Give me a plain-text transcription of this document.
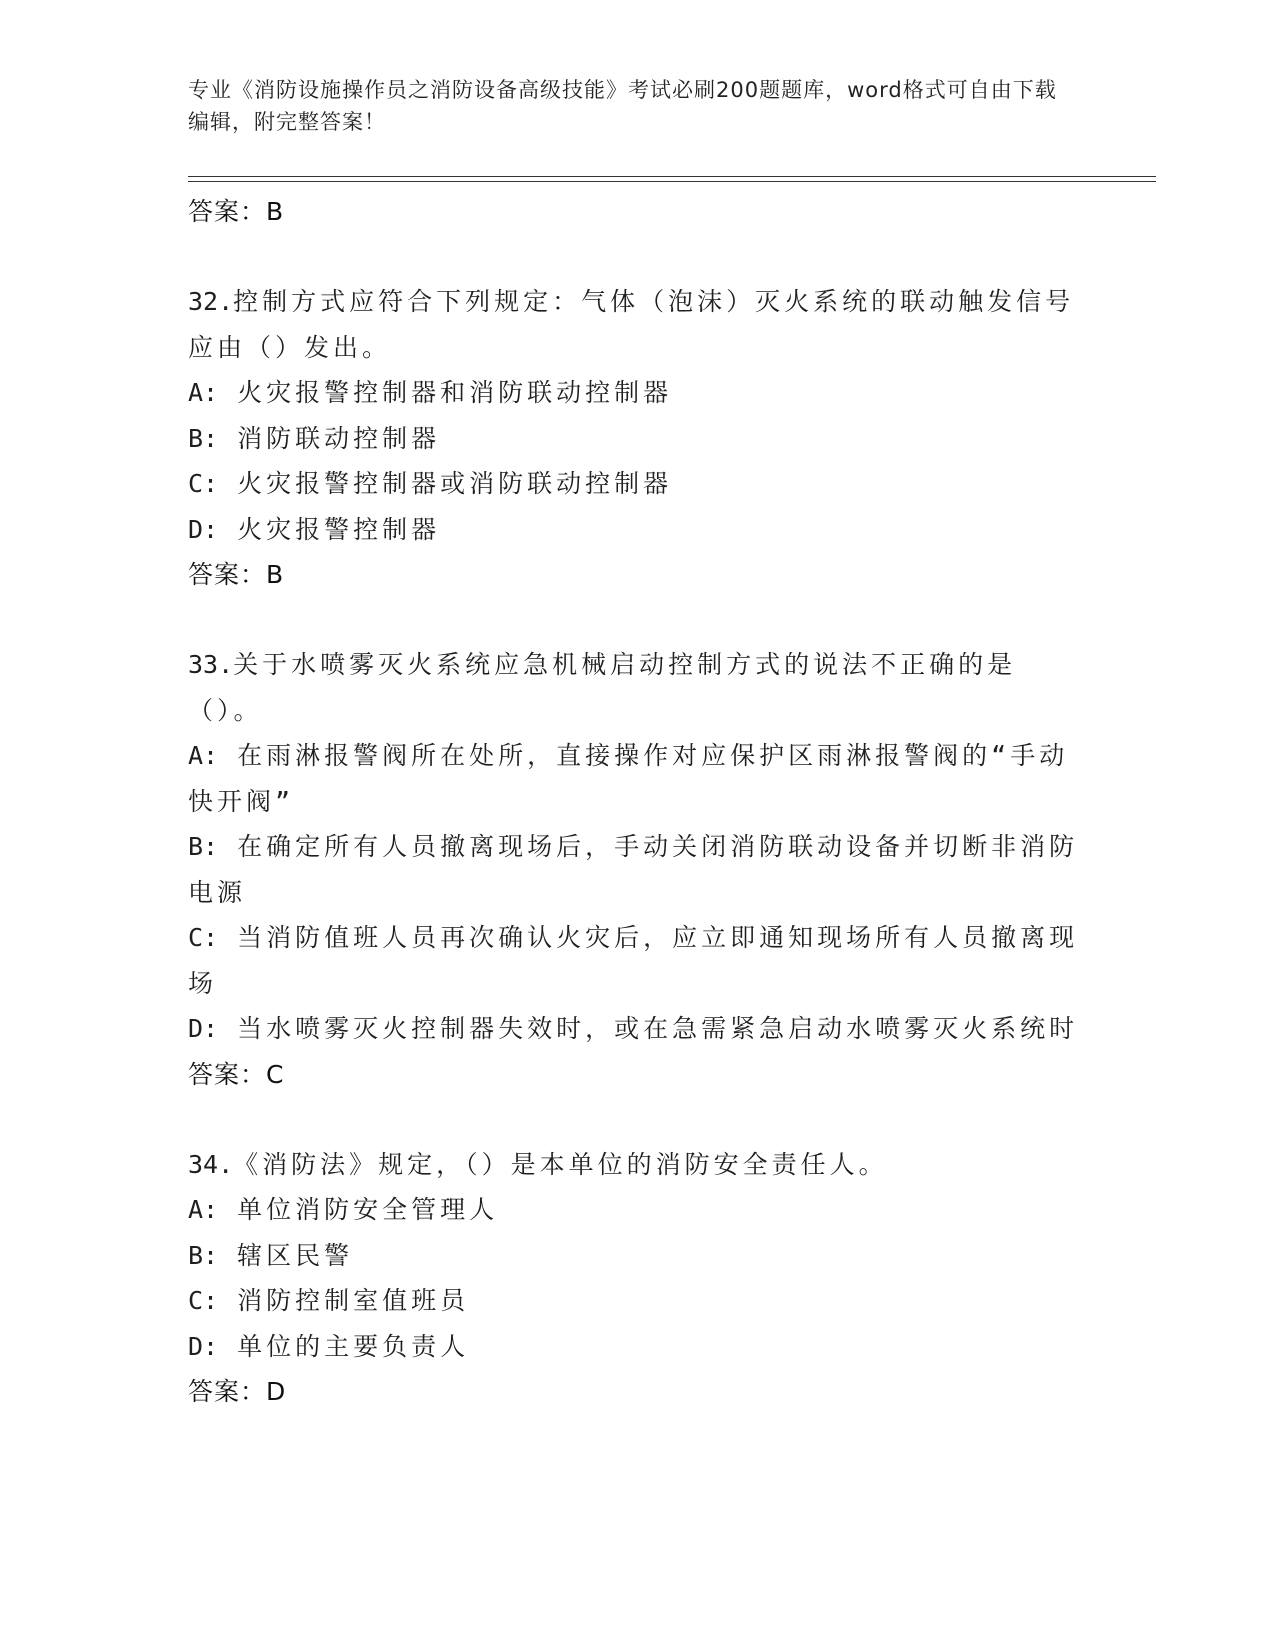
专业《消防设施操作员之消防设备高级技能》考试必刷200题题库，word格式可自由下载编辑，附完整答案！
答案：B
32.控制方式应符合下列规定：气体（泡沫）灭火系统的联动触发信号应由（）发出。
A: 火灾报警控制器和消防联动控制器
B: 消防联动控制器
C: 火灾报警控制器或消防联动控制器
D: 火灾报警控制器
答案：B
33.关于水喷雾灭火系统应急机械启动控制方式的说法不正确的是（）。
A: 在雨淋报警阀所在处所，直接操作对应保护区雨淋报警阀的“手动快开阀”
B: 在确定所有人员撤离现场后，手动关闭消防联动设备并切断非消防电源
C: 当消防值班人员再次确认火灾后，应立即通知现场所有人员撤离现场
D: 当水喷雾灭火控制器失效时，或在急需紧急启动水喷雾灭火系统时
答案：C
34.《消防法》规定，（）是本单位的消防安全责任人。
A: 单位消防安全管理人
B: 辖区民警
C: 消防控制室值班员
D: 单位的主要负责人
答案：D
